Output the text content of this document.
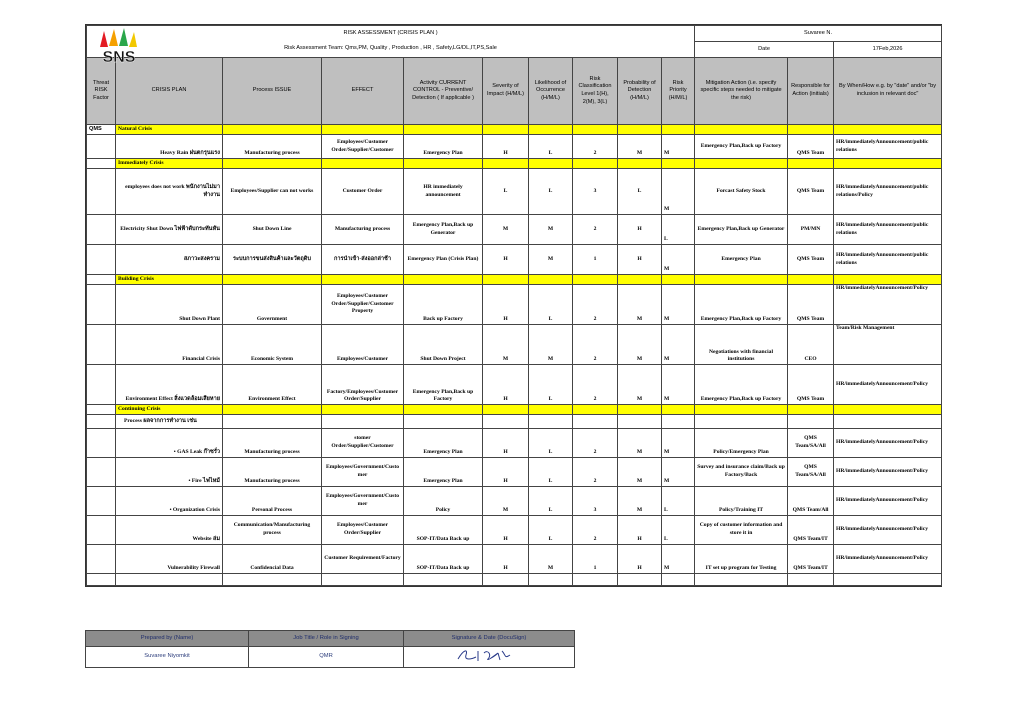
SNS
RISK ASSESSMENT (CRISIS PLAN )										Suvaree N.		
Risk Assessment Team: Qms,PM, Quality , Production , HR , Safety,LG/DL,IT,PS,Sale										Date		17Feb,2026
Threat RISK Factor	CRISIS PLAN	Process ISSUE	EFFECT	Activity CURRENT CONTROL - Preventive/ Detection ( If applicable )	Severity of Impact (H/M/L)	Likelihood of Occurrence (H/M/L)	Risk Classification Level 1(H), 2(M), 3(L)	Probability of Detection (H/M/L)	Risk Priority (H/M/L)	Mitigation Action (i.e. specify specific steps needed to mitigate the risk)	Responsible for Action (initials)	By When/How e.g. by "date" and/or "by inclusion in relevant doc"
QMS	Natural Crisis											
	Heavy Rain ฝนตกรุนแรง	Manufacturing process	Employees/Customer Order/Supplier/Customer	Emergency Plan	H	L	2	M	M	Emergency Plan,Back up Factory	QMS Team	HR/immediatelyAnnouncement/public relations
	Immediately Crisis											
	employees does not work พนักงานไม่มาทำงาน	Employees/Supplier can not works	Customer Order	HR immediately announcement	L	L	3	L	M	Forcast Safety Stock	QMS Team	HR/immediatelyAnnouncement/public relations/Policy
	Electricity Shut Down ไฟฟ้าดับกระทันหัน	Shut Down Line	Manufacturing process	Emergency Plan,Back up Generator	M	M	2	H	L	Emergency Plan,Back up Generator	PM/MN	HR/immediatelyAnnouncement/public relations
	สภาวะสงคราม	ระบบการขนส่งสินค้าและวัตถุดิบ	การนำเข้า-ส่งออกล่าช้า	Emergency Plan (Crisis Plan)	H	M	1	H	M	Emergency Plan	QMS Team	HR/immediatelyAnnouncement/public relations
	Building Crisis											
	Shut Down Plant	Government	Employees/Customer Order/Supplier/Customer Property	Back up Factory	H	L	2	M	M	Emergency Plan,Back up Factory	QMS Team	HR/immediatelyAnnouncement/Policy
	Financial Crisis	Economic System	Employees/Customer	Shut Down Project	M	M	2	M	M	Negotiations with financial institutions	CEO	Team/Risk Management
	Environment Effect สิ่งแวดล้อมเสียหาย	Environment Effect	Factory/Employees/Customer Order/Supplier	Emergency Plan,Back up Factory	H	L	2	M	M	Emergency Plan,Back up Factory	QMS Team	HR/immediatelyAnnouncement/Policy
	Continuing Crisis											
	Process ผลจากการทำงาน เช่น											
	• GAS Leak ก๊าซรั่ว	Manufacturing process	stomer Order/Supplier/Customer	Emergency Plan	H	L	2	M	M	Policy/Emergency Plan	QMS Team/SA/All	HR/immediatelyAnnouncement/Policy
	• Fire ไฟไหม้	Manufacturing process	Employees/Government/Customer	Emergency Plan	H	L	2	M	M	Survey and insurance claim/Back up Factory/Back	QMS Team/SA/All	HR/immediatelyAnnouncement/Policy
	• Organization Crisis	Personal Process	Employees/Government/Customer	Policy	M	L	3	M	L	Policy/Training IT	QMS Team/All	HR/immediatelyAnnouncement/Policy
	Website ล่ม	Communication/Manufacturing process	Employees/Customer Order/Supplier	SOP-IT/Data Back up	H	L	2	H	L	Copy of customer information and store it in	QMS Team/IT	HR/immediatelyAnnouncement/Policy
	Vulnerability Firewall	Confidencial Data	Customer Requirement/Factory	SOP-IT/Data Back up	H	M	1	H	M	IT set up program for Testing	QMS Team/IT	HR/immediatelyAnnouncement/Policy

Prepared by (Name)	Job Title / Role in Signing	Signature & Date (DocuSign)
Suvaree Niyomkit	QMR	
